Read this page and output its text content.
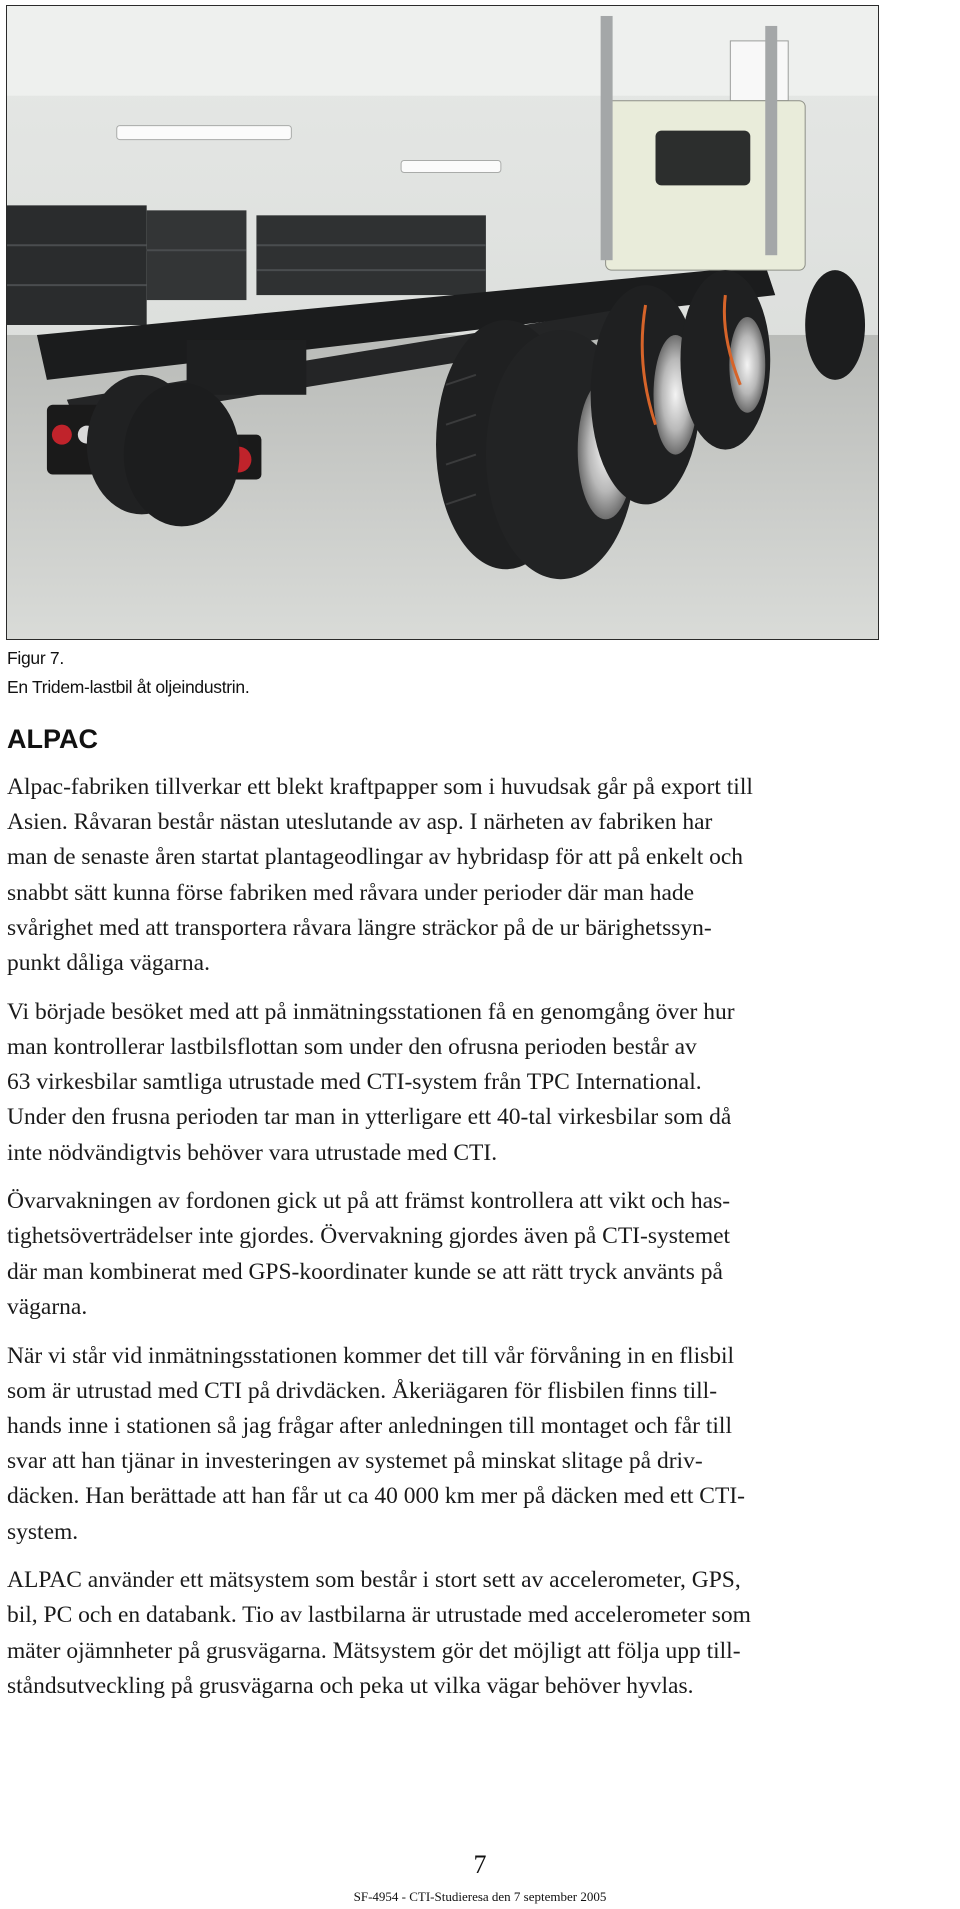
Figur 7.
En Tridem-lastbil åt oljeindustrin.
ALPAC

Alpac-fabriken tillverkar ett blekt kraftpapper som i huvudsak går på export till
Asien. Råvaran består nästan uteslutande av asp. I närheten av fabriken har
man de senaste åren startat plantageodlingar av hybridasp för att på enkelt och
snabbt sätt kunna förse fabriken med råvara under perioder där man hade
svårighet med att transportera råvara längre sträckor på de ur bärighetssyn-
punkt dåliga vägarna.

Vi började besöket med att på inmätningsstationen få en genomgång över hur
man kontrollerar lastbilsflottan som under den ofrusna perioden består av
63 virkesbilar samtliga utrustade med CTI-system från TPC International.
Under den frusna perioden tar man in ytterligare ett 40-tal virkesbilar som då
inte nödvändigtvis behöver vara utrustade med CTI.

Övarvakningen av fordonen gick ut på att främst kontrollera att vikt och has-
tighetsöverträdelser inte gjordes. Övervakning gjordes även på CTI-systemet
där man kombinerat med GPS-koordinater kunde se att rätt tryck använts på
vägarna.

När vi står vid inmätningsstationen kommer det till vår förvåning in en flisbil
som är utrustad med CTI på drivdäcken. Åkeriägaren för flisbilen finns till-
hands inne i stationen så jag frågar after anledningen till montaget och får till
svar att han tjänar in investeringen av systemet på minskat slitage på driv-
däcken. Han berättade att han får ut ca 40 000 km mer på däcken med ett CTI-
system.

ALPAC använder ett mätsystem som består i stort sett av accelerometer, GPS,
bil, PC och en databank. Tio av lastbilarna är utrustade med accelerometer som
mäter ojämnheter på grusvägarna. Mätsystem gör det möjligt att följa upp till-
ståndsutveckling på grusvägarna och peka ut vilka vägar behöver hyvlas.

7
SF-4954 - CTI-Studieresa den 7 september 2005
